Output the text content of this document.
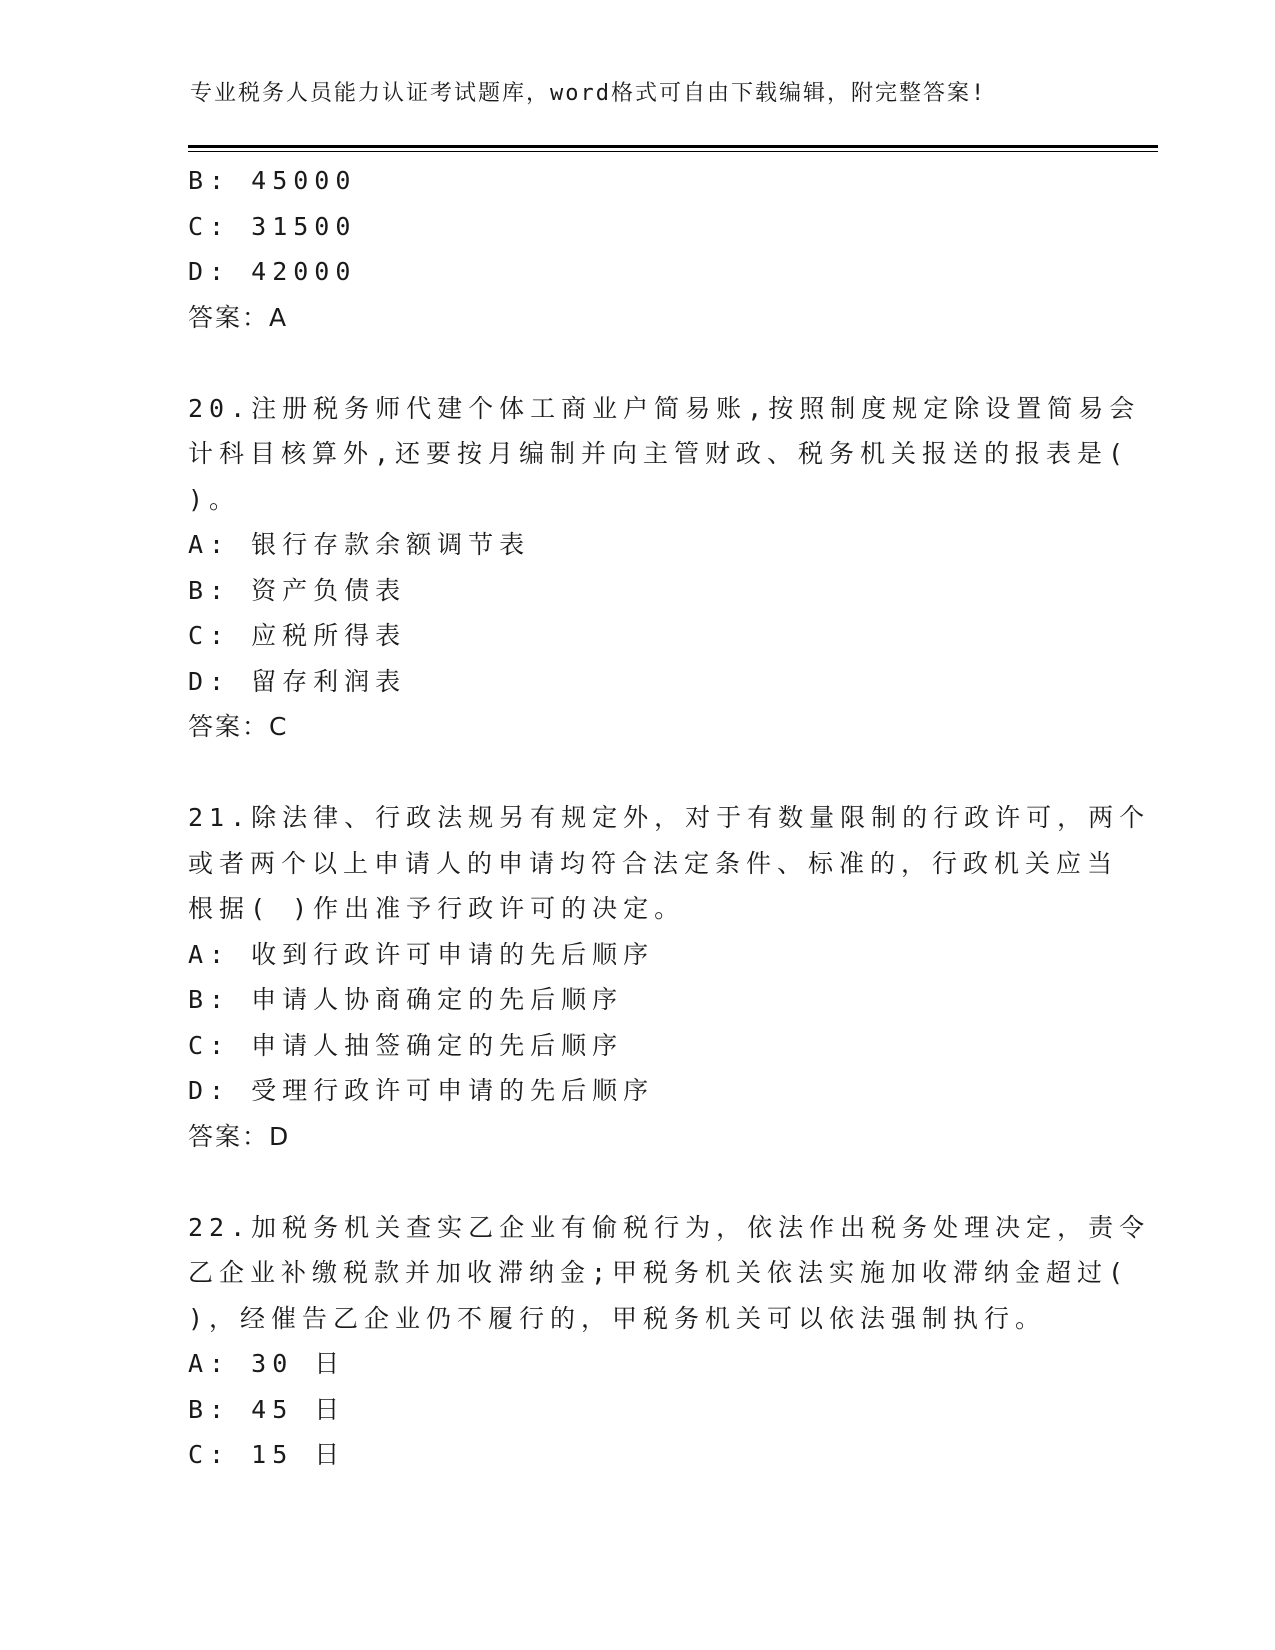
专业税务人员能力认证考试题库，word格式可自由下载编辑，附完整答案!
B: 45000
C: 31500
D: 42000
答案：A
20.注册税务师代建个体工商业户简易账,按照制度规定除设置简易会
计科目核算外,还要按月编制并向主管财政、税务机关报送的报表是(
)。
A: 银行存款余额调节表
B: 资产负债表
C: 应税所得表
D: 留存利润表
答案：C
21.除法律、行政法规另有规定外，对于有数量限制的行政许可，两个
或者两个以上申请人的申请均符合法定条件、标准的，行政机关应当
根据( )作出准予行政许可的决定。
A: 收到行政许可申请的先后顺序
B: 申请人协商确定的先后顺序
C: 申请人抽签确定的先后顺序
D: 受理行政许可申请的先后顺序
答案：D
22.加税务机关查实乙企业有偷税行为，依法作出税务处理决定，责令
乙企业补缴税款并加收滞纳金;甲税务机关依法实施加收滞纳金超过(
)，经催告乙企业仍不履行的，甲税务机关可以依法强制执行。
A: 30 日
B: 45 日
C: 15 日
